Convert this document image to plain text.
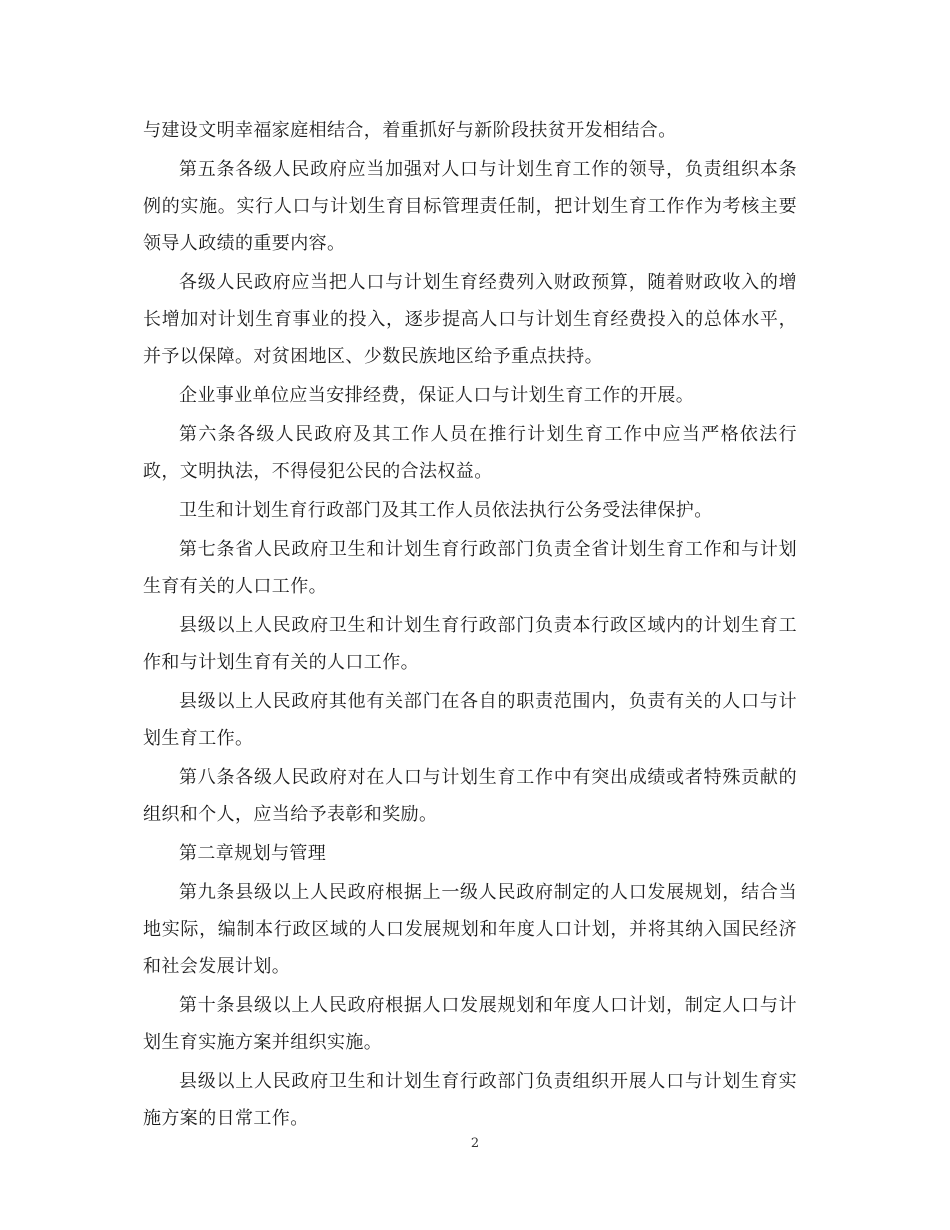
与建设文明幸福家庭相结合，着重抓好与新阶段扶贫开发相结合。

第五条各级人民政府应当加强对人口与计划生育工作的领导，负责组织本条例的实施。实行人口与计划生育目标管理责任制，把计划生育工作作为考核主要领导人政绩的重要内容。

各级人民政府应当把人口与计划生育经费列入财政预算，随着财政收入的增长增加对计划生育事业的投入，逐步提高人口与计划生育经费投入的总体水平，并予以保障。对贫困地区、少数民族地区给予重点扶持。

企业事业单位应当安排经费，保证人口与计划生育工作的开展。

第六条各级人民政府及其工作人员在推行计划生育工作中应当严格依法行政，文明执法，不得侵犯公民的合法权益。

卫生和计划生育行政部门及其工作人员依法执行公务受法律保护。

第七条省人民政府卫生和计划生育行政部门负责全省计划生育工作和与计划生育有关的人口工作。

县级以上人民政府卫生和计划生育行政部门负责本行政区域内的计划生育工作和与计划生育有关的人口工作。

县级以上人民政府其他有关部门在各自的职责范围内，负责有关的人口与计划生育工作。

第八条各级人民政府对在人口与计划生育工作中有突出成绩或者特殊贡献的组织和个人，应当给予表彰和奖励。

第二章规划与管理

第九条县级以上人民政府根据上一级人民政府制定的人口发展规划，结合当地实际，编制本行政区域的人口发展规划和年度人口计划，并将其纳入国民经济和社会发展计划。

第十条县级以上人民政府根据人口发展规划和年度人口计划，制定人口与计划生育实施方案并组织实施。

县级以上人民政府卫生和计划生育行政部门负责组织开展人口与计划生育实施方案的日常工作。

2
